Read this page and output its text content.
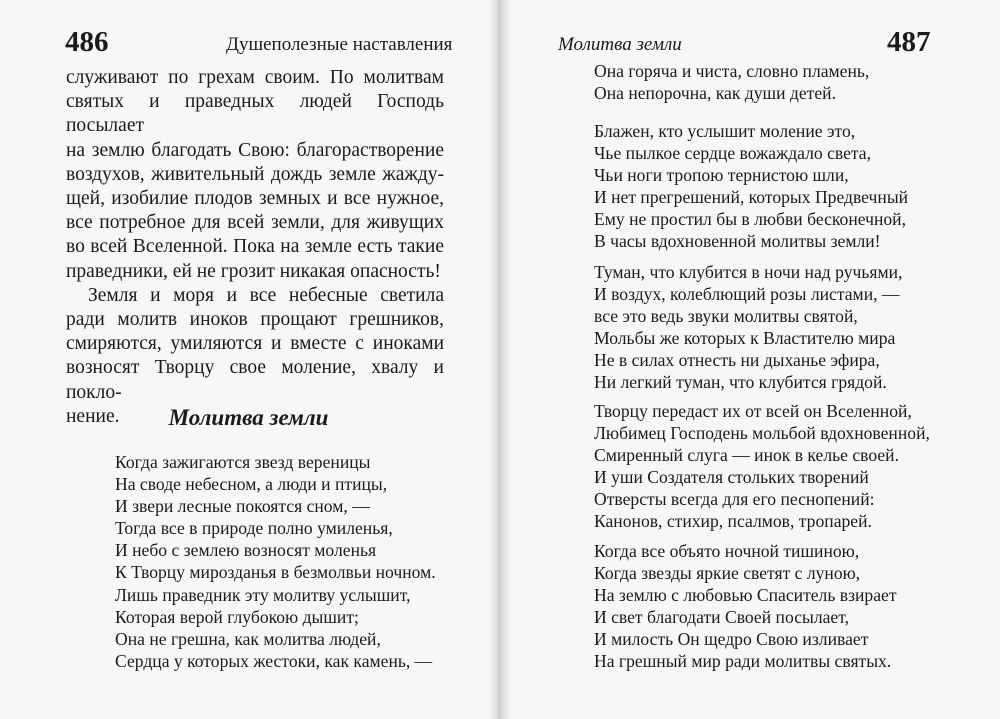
486	Душеполезные наставления
служивают по грехам своим. По молитвам
святых и праведных людей Господь посылает
на землю благодать Свою: благорастворение
воздухов, живительный дождь земле жажду-
щей, изобилие плодов земных и все нужное,
все потребное для всей земли, для живущих
во всей Вселенной. Пока на земле есть такие
праведники, ей не грозит никакая опасность!
Земля и моря и все небесные светила
ради молитв иноков прощают грешников,
смиряются, умиляются и вместе с иноками
возносят Творцу свое моление, хвалу и покло-
нение.	Молитва земли
Когда зажигаются звезд вереницы
На своде небесном, а люди и птицы,
И звери лесные покоятся сном, —
Тогда все в природе полно умиленья,
И небо с землею возносят моленья
К Творцу мирозданья в безмолвьи ночном.
Лишь праведник эту молитву услышит,
Которая верой глубокою дышит;
Она не грешна, как молитва людей,
Сердца у которых жестоки, как камень, —
487
Молитва земли
Она горяча и чиста, словно пламень,
Она непорочна, как души детей.
Блажен, кто услышит моление это,
Чье пылкое сердце вожаждало света,
Чьи ноги тропою тернистою шли,
И нет прегрешений, которых Предвечный
Ему не простил бы в любви бесконечной,
В часы вдохновенной молитвы земли!
Туман, что клубится в ночи над ручьями,
И воздух, колеблющий розы листами, —
все это ведь звуки молитвы святой,
Мольбы же которых к Властителю мира
Не в силах отнесть ни дыханье эфира,
Ни легкий туман, что клубится грядой.
Творцу передаст их от всей он Вселенной,
Любимец Господень мольбой вдохновенной,
Смиренный слуга — инок в келье своей.
И уши Создателя стольких творений
Отверсты всегда для его песнопений:
Канонов, стихир, псалмов, тропарей.
Когда все объято ночной тишиною,
Когда звезды яркие светят с луною,
На землю с любовью Спаситель взирает
И свет благодати Своей посылает,
И милость Он щедро Свою изливает
На грешный мир ради молитвы святых.
